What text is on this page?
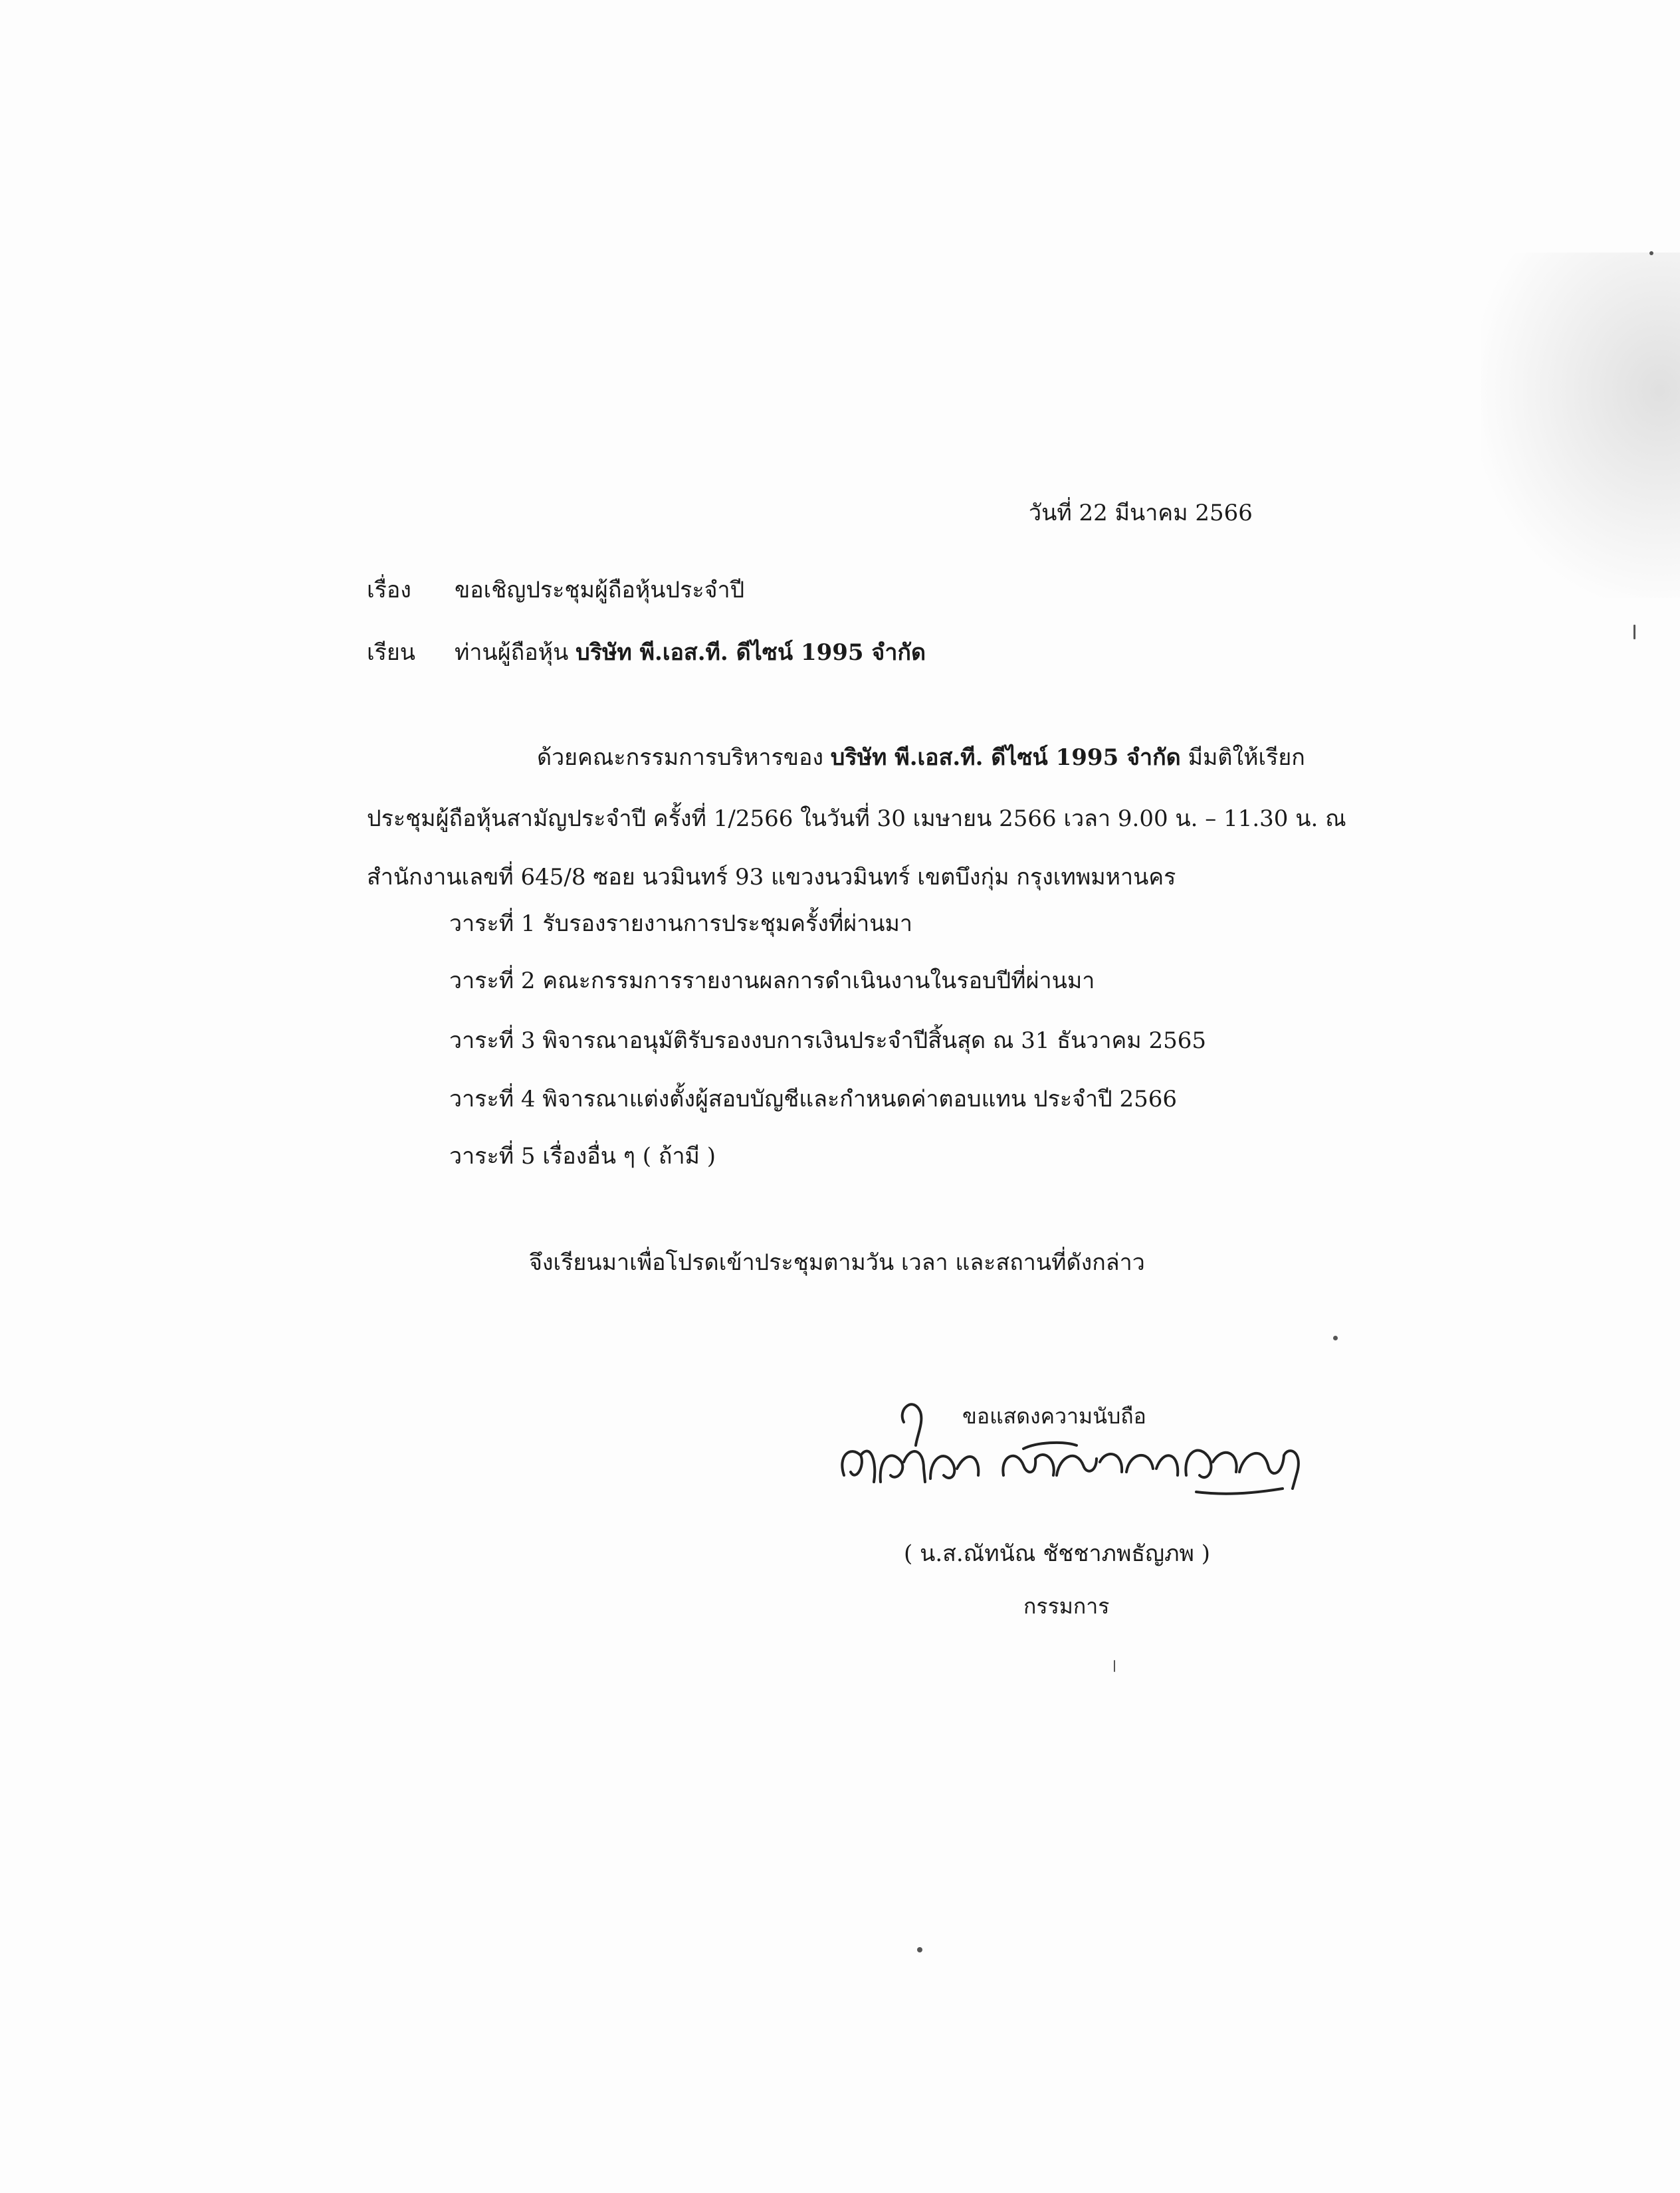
วันที่ 22 มีนาคม 2566
เรื่อง ขอเชิญประชุมผู้ถือหุ้นประจำปี
เรียน ท่านผู้ถือหุ้น บริษัท พี.เอส.ที. ดีไซน์ 1995 จำกัด
ด้วยคณะกรรมการบริหารของ บริษัท พี.เอส.ที. ดีไซน์ 1995 จำกัด มีมติให้เรียก
ประชุมผู้ถือหุ้นสามัญประจำปี ครั้งที่ 1/2566 ในวันที่ 30 เมษายน 2566 เวลา 9.00 น. – 11.30 น. ณ
สำนักงานเลขที่ 645/8 ซอย นวมินทร์ 93 แขวงนวมินทร์ เขตบึงกุ่ม กรุงเทพมหานคร
วาระที่ 1 รับรองรายงานการประชุมครั้งที่ผ่านมา
วาระที่ 2 คณะกรรมการรายงานผลการดำเนินงานในรอบปีที่ผ่านมา
วาระที่ 3 พิจารณาอนุมัติรับรองงบการเงินประจำปีสิ้นสุด ณ 31 ธันวาคม 2565
วาระที่ 4 พิจารณาแต่งตั้งผู้สอบบัญชีและกำหนดค่าตอบแทน ประจำปี 2566
วาระที่ 5 เรื่องอื่น ๆ ( ถ้ามี )
จึงเรียนมาเพื่อโปรดเข้าประชุมตามวัน เวลา และสถานที่ดังกล่าว
ขอแสดงความนับถือ
( น.ส.ณัทนัณ ชัชชาภพธัญภพ )
กรรมการ
